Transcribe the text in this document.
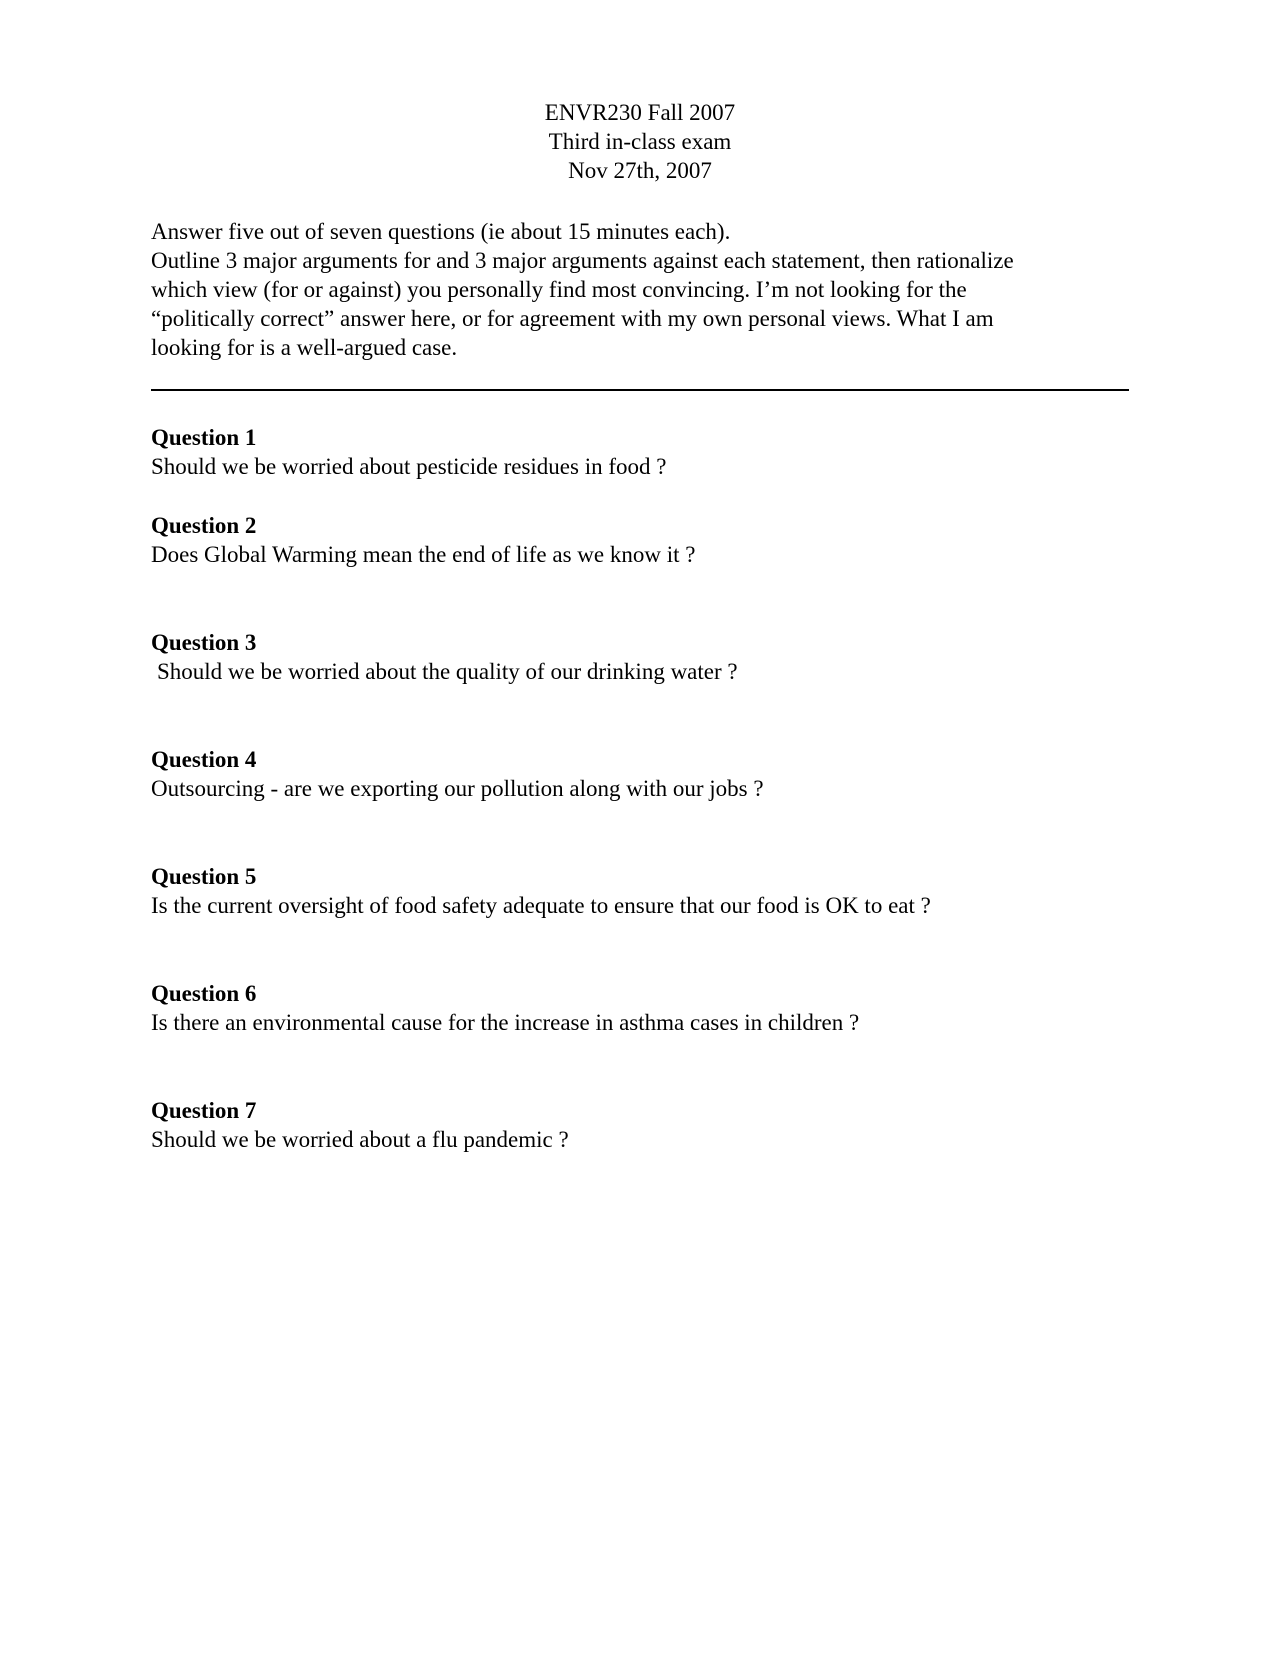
ENVR230 Fall 2007
Third in-class exam
Nov 27th, 2007
Answer five out of seven questions (ie about 15 minutes each).
Outline 3 major arguments for and 3 major arguments against each statement, then rationalize
which view (for or against) you personally find most convincing. I’m not looking for the
“politically correct” answer here, or for agreement with my own personal views. What I am
looking for is a well-argued case.
Question 1
Should we be worried about pesticide residues in food ?
Question 2
Does Global Warming mean the end of life as we know it ?
Question 3
Should we be worried about the quality of our drinking water ?
Question 4
Outsourcing - are we exporting our pollution along with our jobs ?
Question 5
Is the current oversight of food safety adequate to ensure that our food is OK to eat ?
Question 6
Is there an environmental cause for the increase in asthma cases in children ?
Question 7
Should we be worried about a flu pandemic ?
